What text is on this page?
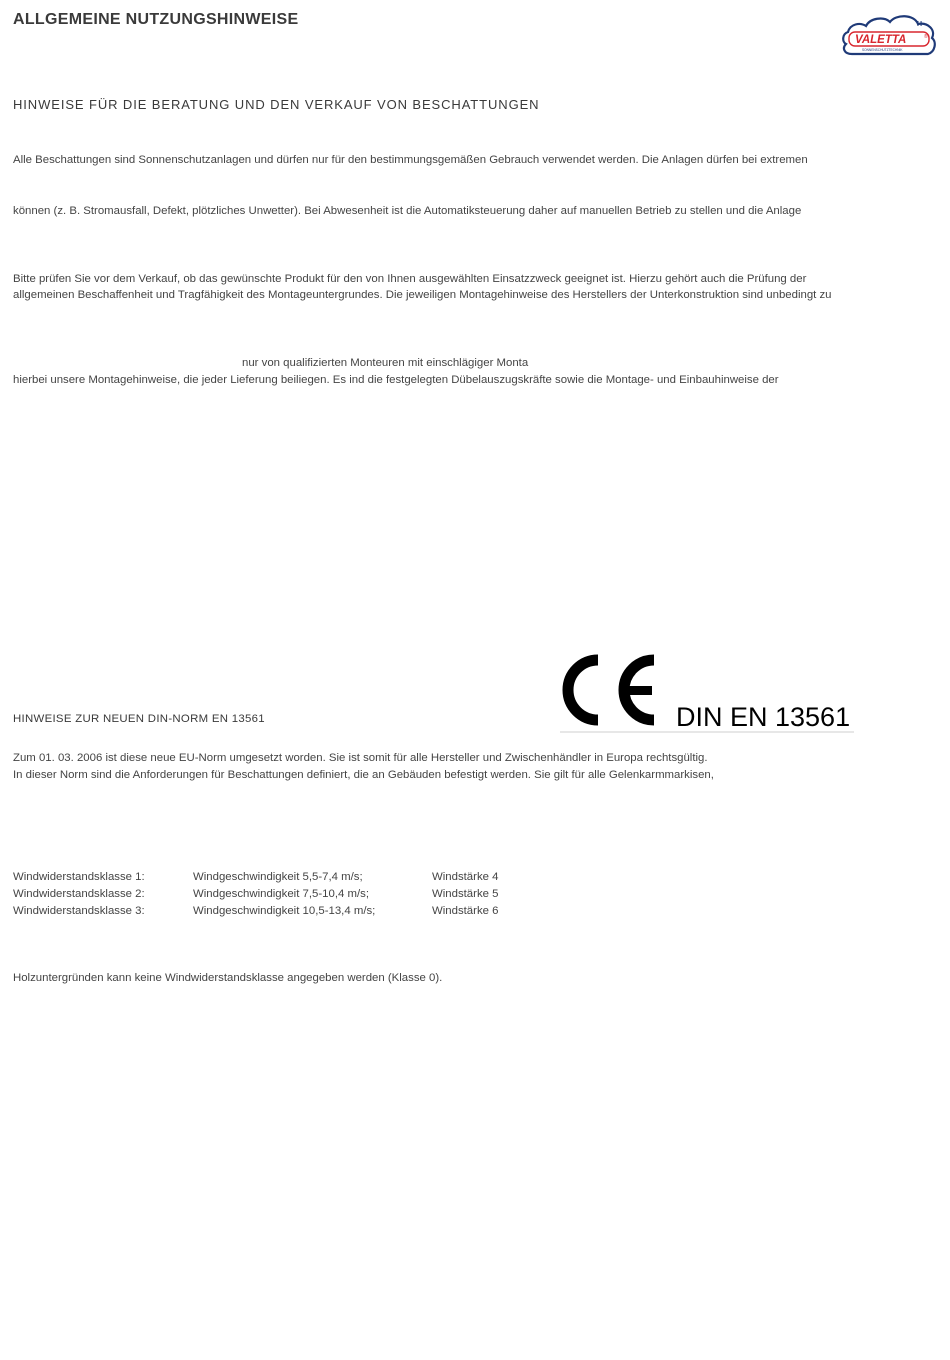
ALLGEMEINE NUTZUNGSHINWEISE	H
VALETTA	®
SONNENSCHUTZTECHNIK
HINWEISE FÜR DIE BERATUNG UND DEN VERKAUF VON BESCHATTUNGEN
Alle Beschattungen sind Sonnenschutzanlagen und dürfen nur für den bestimmungsgemäßen Gebrauch verwendet werden. Die Anlagen dürfen bei extremen
können (z. B. Stromausfall, Defekt, plötzliches Unwetter). Bei Abwesenheit ist die Automatiksteuerung daher auf manuellen Betrieb zu stellen und die Anlage
Bitte prüfen Sie vor dem Verkauf, ob das gewünschte Produkt für den von Ihnen ausgewählten Einsatzzweck geeignet ist. Hierzu gehört auch die Prüfung der
allgemeinen Beschaffenheit und Tragfähigkeit des Montageuntergrundes. Die jeweiligen Montagehinweise des Herstellers der Unterkonstruktion sind unbedingt zu
nur von qualifizierten Monteuren mit einschlägiger Monta
hierbei unsere Montagehinweise, die jeder Lieferung beiliegen. Es ind die festgelegten Dübelauszugskräfte sowie die Montage- und Einbauhinweise der
DIN EN 13561
HINWEISE ZUR NEUEN DIN-NORM EN 13561
Zum 01. 03. 2006 ist diese neue EU-Norm umgesetzt worden. Sie ist somit für alle Hersteller und Zwischenhändler in Europa rechtsgültig.
In dieser Norm sind die Anforderungen für Beschattungen definiert, die an Gebäuden befestigt werden. Sie gilt für alle Gelenkarmmarkisen,
Windwiderstandsklasse 1:	Windgeschwindigkeit 5,5-7,4 m/s;	Windstärke 4
Windwiderstandsklasse 2:	Windgeschwindigkeit 7,5-10,4 m/s;	Windstärke 5
Windwiderstandsklasse 3:	Windgeschwindigkeit 10,5-13,4 m/s;	Windstärke 6
Holzuntergründen kann keine Windwiderstandsklasse angegeben werden (Klasse 0).
